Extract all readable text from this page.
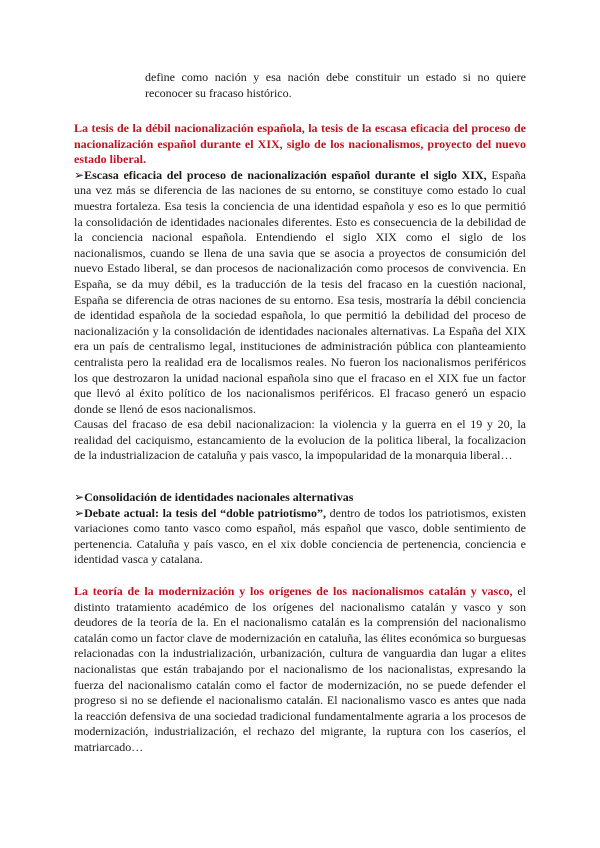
define como nación y esa nación debe constituir un estado si no quiere reconocer su fracaso histórico.

La tesis de la débil nacionalización española, la tesis de la escasa eficacia del proceso de nacionalización español durante el XIX, siglo de los nacionalismos, proyecto del nuevo estado liberal.
➢Escasa eficacia del proceso de nacionalización español durante el siglo XIX, España una vez más se diferencia de las naciones de su entorno, se constituye como estado lo cual muestra fortaleza. Esa tesis la conciencia de una identidad española y eso es lo que permitió la consolidación de identidades nacionales diferentes. Esto es consecuencia de la debilidad de la conciencia nacional española. Entendiendo el siglo XIX como el siglo de los nacionalismos, cuando se llena de una savia que se asocia a proyectos de consumición del nuevo Estado liberal, se dan procesos de nacionalización como procesos de convivencia. En España, se da muy débil, es la traducción de la tesis del fracaso en la cuestión nacional, España se diferencia de otras naciones de su entorno. Esa tesis, mostraría la débil conciencia de identidad española de la sociedad española, lo que permitió la debilidad del proceso de nacionalización y la consolidación de identidades nacionales alternativas. La España del XIX era un país de centralismo legal, instituciones de administración pública con planteamiento centralista pero la realidad era de localismos reales. No fueron los nacionalismos periféricos los que destrozaron la unidad nacional española sino que el fracaso en el XIX fue un factor que llevó al éxito político de los nacionalismos periféricos. El fracaso generó un espacio donde se llenó de esos nacionalismos.
Causas del fracaso de esa debil nacionalizacion: la violencia y la guerra en el 19 y 20, la realidad del caciquismo, estancamiento de la evolucion de la politica liberal, la focalizacion de la industrializacion de cataluña y pais vasco, la impopularidad de la monarquia liberal…

➢Consolidación de identidades nacionales alternativas
➢Debate actual: la tesis del “doble patriotismo”, dentro de todos los patriotismos, existen variaciones como tanto vasco como español, más español que vasco, doble sentimiento de pertenencia. Cataluña y país vasco, en el xix doble conciencia de pertenencia, conciencia e identidad vasca y catalana.

La teoría de la modernización y los orígenes de los nacionalismos catalán y vasco, el distinto tratamiento académico de los orígenes del nacionalismo catalán y vasco y son deudores de la teoría de la. En el nacionalismo catalán es la comprensión del nacionalismo catalán como un factor clave de modernización en cataluña, las élites económica so burguesas relacionadas con la industrialización, urbanización, cultura de vanguardia dan lugar a elites nacionalistas que están trabajando por el nacionalismo de los nacionalistas, expresando la fuerza del nacionalismo catalán como el factor de modernización, no se puede defender el progreso si no se defiende el nacionalismo catalán. El nacionalismo vasco es antes que nada la reacción defensiva de una sociedad tradicional fundamentalmente agraria a los procesos de modernización, industrialización, el rechazo del migrante, la ruptura con los caseríos, el matriarcado…
